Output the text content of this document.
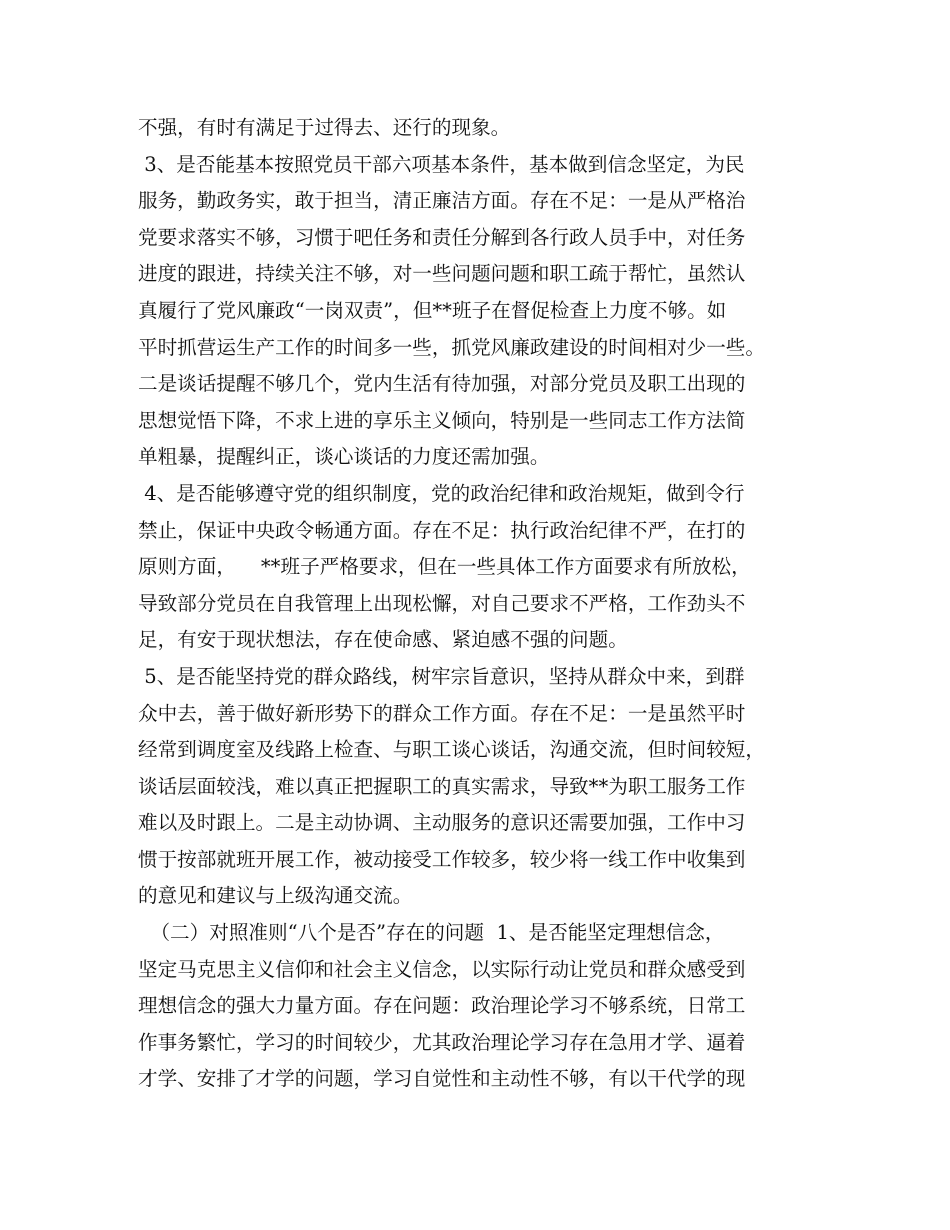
不强，有时有满足于过得去、还行的现象。
3、是否能基本按照党员干部六项基本条件，基本做到信念坚定，为民
服务，勤政务实，敢于担当，清正廉洁方面。存在不足：一是从严格治
党要求落实不够，习惯于吧任务和责任分解到各行政人员手中，对任务
进度的跟进，持续关注不够，对一些问题问题和职工疏于帮忙，虽然认
真履行了党风廉政“一岗双责”，但**班子在督促检查上力度不够。如
平时抓营运生产工作的时间多一些，抓党风廉政建设的时间相对少一些。
二是谈话提醒不够几个，党内生活有待加强，对部分党员及职工出现的
思想觉悟下降，不求上进的享乐主义倾向，特别是一些同志工作方法简
单粗暴，提醒纠正，谈心谈话的力度还需加强。
4、是否能够遵守党的组织制度，党的政治纪律和政治规矩，做到令行
禁止，保证中央政令畅通方面。存在不足：执行政治纪律不严，在打的
原则方面，    **班子严格要求，但在一些具体工作方面要求有所放松，
导致部分党员在自我管理上出现松懈，对自己要求不严格，工作劲头不
足，有安于现状想法，存在使命感、紧迫感不强的问题。
5、是否能坚持党的群众路线，树牢宗旨意识，坚持从群众中来，到群
众中去，善于做好新形势下的群众工作方面。存在不足：一是虽然平时
经常到调度室及线路上检查、与职工谈心谈话，沟通交流，但时间较短，
谈话层面较浅，难以真正把握职工的真实需求，导致**为职工服务工作
难以及时跟上。二是主动协调、主动服务的意识还需要加强，工作中习
惯于按部就班开展工作，被动接受工作较多，较少将一线工作中收集到
的意见和建议与上级沟通交流。
（二）对照准则“八个是否”存在的问题  1、是否能坚定理想信念，
坚定马克思主义信仰和社会主义信念，以实际行动让党员和群众感受到
理想信念的强大力量方面。存在问题：政治理论学习不够系统，日常工
作事务繁忙，学习的时间较少，尤其政治理论学习存在急用才学、逼着
才学、安排了才学的问题，学习自觉性和主动性不够，有以干代学的现
